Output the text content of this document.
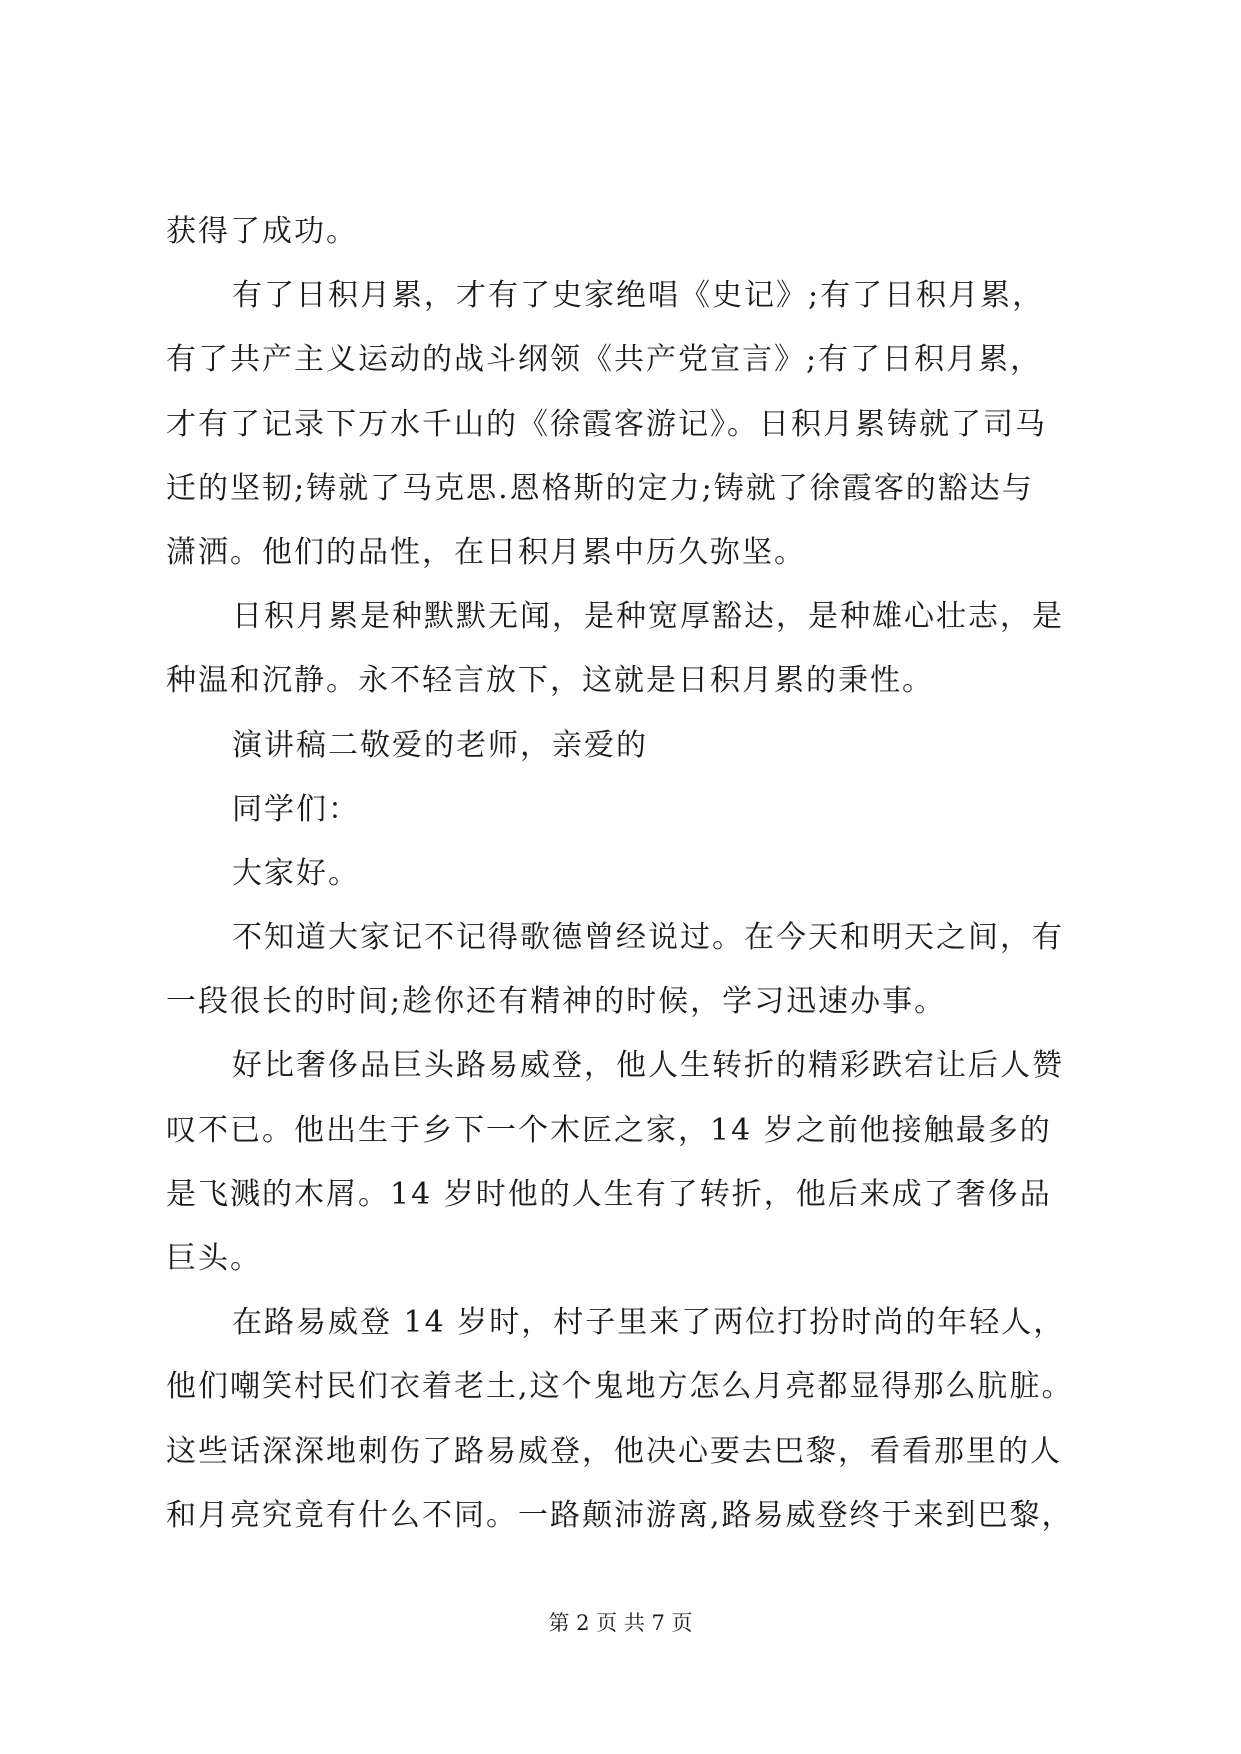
获得了成功。
有了日积月累，才有了史家绝唱《史记》;有了日积月累，
有了共产主义运动的战斗纲领《共产党宣言》;有了日积月累，
才有了记录下万水千山的《徐霞客游记》。日积月累铸就了司马
迁的坚韧;铸就了马克思.恩格斯的定力;铸就了徐霞客的豁达与
潇洒。他们的品性，在日积月累中历久弥坚。
日积月累是种默默无闻，是种宽厚豁达，是种雄心壮志，是
种温和沉静。永不轻言放下，这就是日积月累的秉性。
演讲稿二敬爱的老师，亲爱的
同学们：
大家好。
不知道大家记不记得歌德曾经说过。在今天和明天之间，有
一段很长的时间;趁你还有精神的时候，学习迅速办事。
好比奢侈品巨头路易威登，他人生转折的精彩跌宕让后人赞
叹不已。他出生于乡下一个木匠之家，14 岁之前他接触最多的
是飞溅的木屑。14 岁时他的人生有了转折，他后来成了奢侈品
巨头。
在路易威登 14 岁时，村子里来了两位打扮时尚的年轻人，
他们嘲笑村民们衣着老土,这个鬼地方怎么月亮都显得那么肮脏。
这些话深深地刺伤了路易威登，他决心要去巴黎，看看那里的人
和月亮究竟有什么不同。一路颠沛游离,路易威登终于来到巴黎，
第 2 页 共 7 页
